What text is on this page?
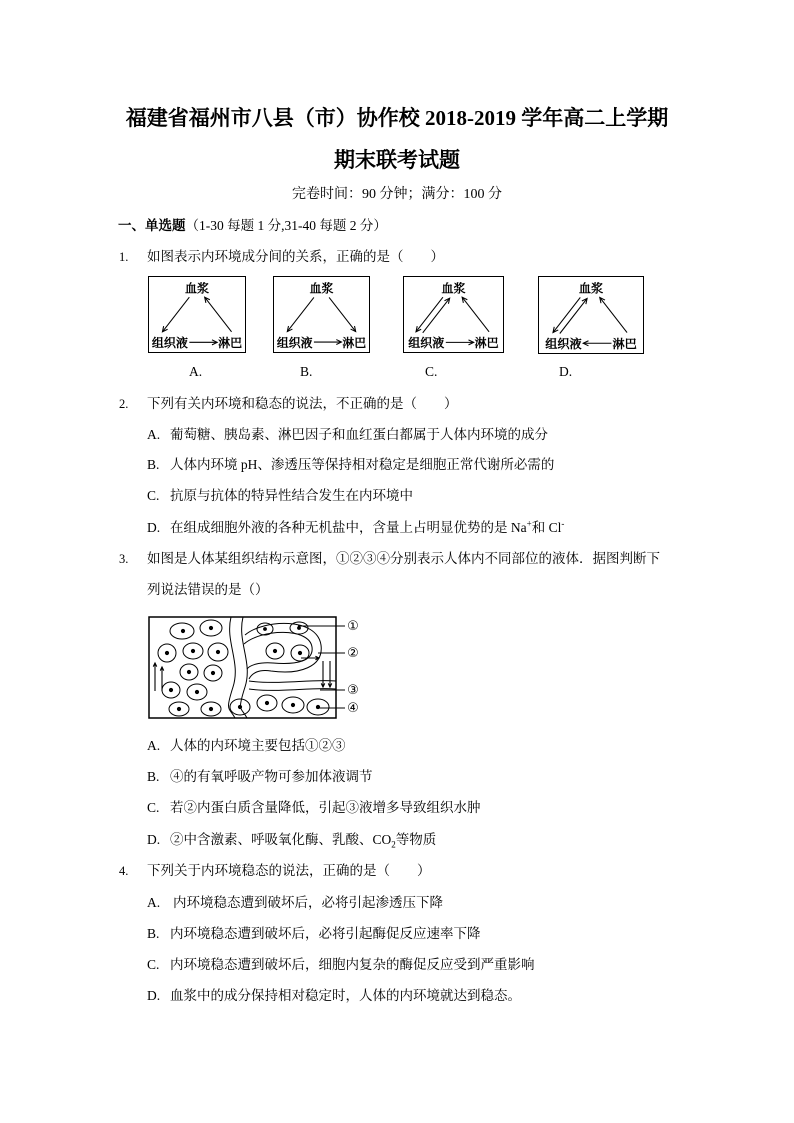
福建省福州市八县（市）协作校 2018-2019 学年高二上学期
期末联考试题
完卷时间：90 分钟；满分：100 分
一、单选题（1-30 每题 1 分,31-40 每题 2 分）
1. 如图表示内环境成分间的关系，正确的是（　　）
血浆
组织液 淋巴
血浆
组织液 淋巴
血浆
组织液 淋巴
血浆
组织液 淋巴
A.	B.	C.	D.
2. 下列有关内环境和稳态的说法，不正确的是（　　）
A. 葡萄糖、胰岛素、淋巴因子和血红蛋白都属于人体内环境的成分
B. 人体内环境 pH、渗透压等保持相对稳定是细胞正常代谢所必需的
C. 抗原与抗体的特异性结合发生在内环境中
D. 在组成细胞外液的各种无机盐中，含量上占明显优势的是 Na+和 Cl-
3. 如图是人体某组织结构示意图，①②③④分别表示人体内不同部位的液体．据图判断下
列说法错误的是（）
①
②
③
④
A. 人体的内环境主要包括①②③
B. ④的有氧呼吸产物可参加体液调节
C. 若②内蛋白质含量降低，引起③液增多导致组织水肿
D. ②中含激素、呼吸氧化酶、乳酸、$CO_2$等物质
4. 下列关于内环境稳态的说法，正确的是（　　）
A. 内环境稳态遭到破坏后，必将引起渗透压下降
B. 内环境稳态遭到破坏后，必将引起酶促反应速率下降
C. 内环境稳态遭到破坏后，细胞内复杂的酶促反应受到严重影响
D. 血浆中的成分保持相对稳定时，人体的内环境就达到稳态。
